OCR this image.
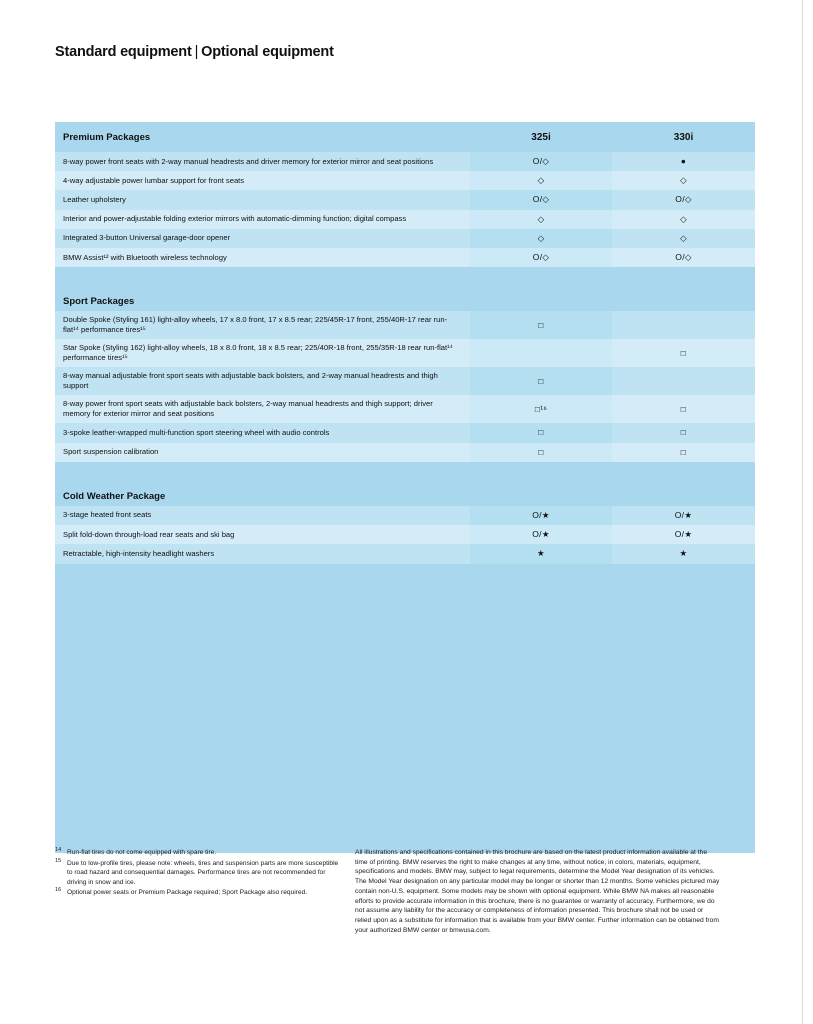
Standard equipment | Optional equipment
Premium Packages	325i	330i
8-way power front seats with 2-way manual headrests and driver memory for exterior mirror and seat positions	O/◇	●
4-way adjustable power lumbar support for front seats	◇	◇
Leather upholstery	O/◇	O/◇
Interior and power-adjustable folding exterior mirrors with automatic-dimming function; digital compass	◇	◇
Integrated 3-button Universal garage-door opener	◇	◇
BMW Assist¹² with Bluetooth wireless technology	O/◇	O/◇

Sport Packages		
Double Spoke (Styling 161) light-alloy wheels, 17 x 8.0 front, 17 x 8.5 rear; 225/45R-17 front, 255/40R-17 rear run-flat¹⁴ performance tires¹⁵	□	
Star Spoke (Styling 162) light-alloy wheels, 18 x 8.0 front, 18 x 8.5 rear; 225/40R-18 front, 255/35R-18 rear run-flat¹⁴ performance tires¹⁵		□
8-way manual adjustable front sport seats with adjustable back bolsters, and 2-way manual headrests and thigh support	□	
8-way power front sport seats with adjustable back bolsters, 2-way manual headrests and thigh support; driver memory for exterior mirror and seat positions	□¹⁶	□
3-spoke leather-wrapped multi-function sport steering wheel with audio controls	□	□
Sport suspension calibration	□	□

Cold Weather Package		
3-stage heated front seats	O/★	O/★
Split fold-down through-load rear seats and ski bag	O/★	O/★
Retractable, high-intensity headlight washers	★	★
14 Run-flat tires do not come equipped with spare tire.
15 Due to low-profile tires, please note: wheels, tires and suspension parts are more susceptible to road hazard and consequential damages. Performance tires are not recommended for driving in snow and ice.
16 Optional power seats or Premium Package required; Sport Package also required.
All illustrations and specifications contained in this brochure are based on the latest product information available at the time of printing. BMW reserves the right to make changes at any time, without notice, in colors, materials, equipment, specifications and models. BMW may, subject to legal requirements, determine the Model Year designation of its vehicles. The Model Year designation on any particular model may be longer or shorter than 12 months. Some vehicles pictured may contain non-U.S. equipment. Some models may be shown with optional equipment. While BMW NA makes all reasonable efforts to provide accurate information in this brochure, there is no guarantee or warranty of accuracy. Furthermore, we do not assume any liability for the accuracy or completeness of information presented. This brochure shall not be used or relied upon as a substitute for information that is available from your BMW center. Further information can be obtained from your authorized BMW center or bmwusa.com.
